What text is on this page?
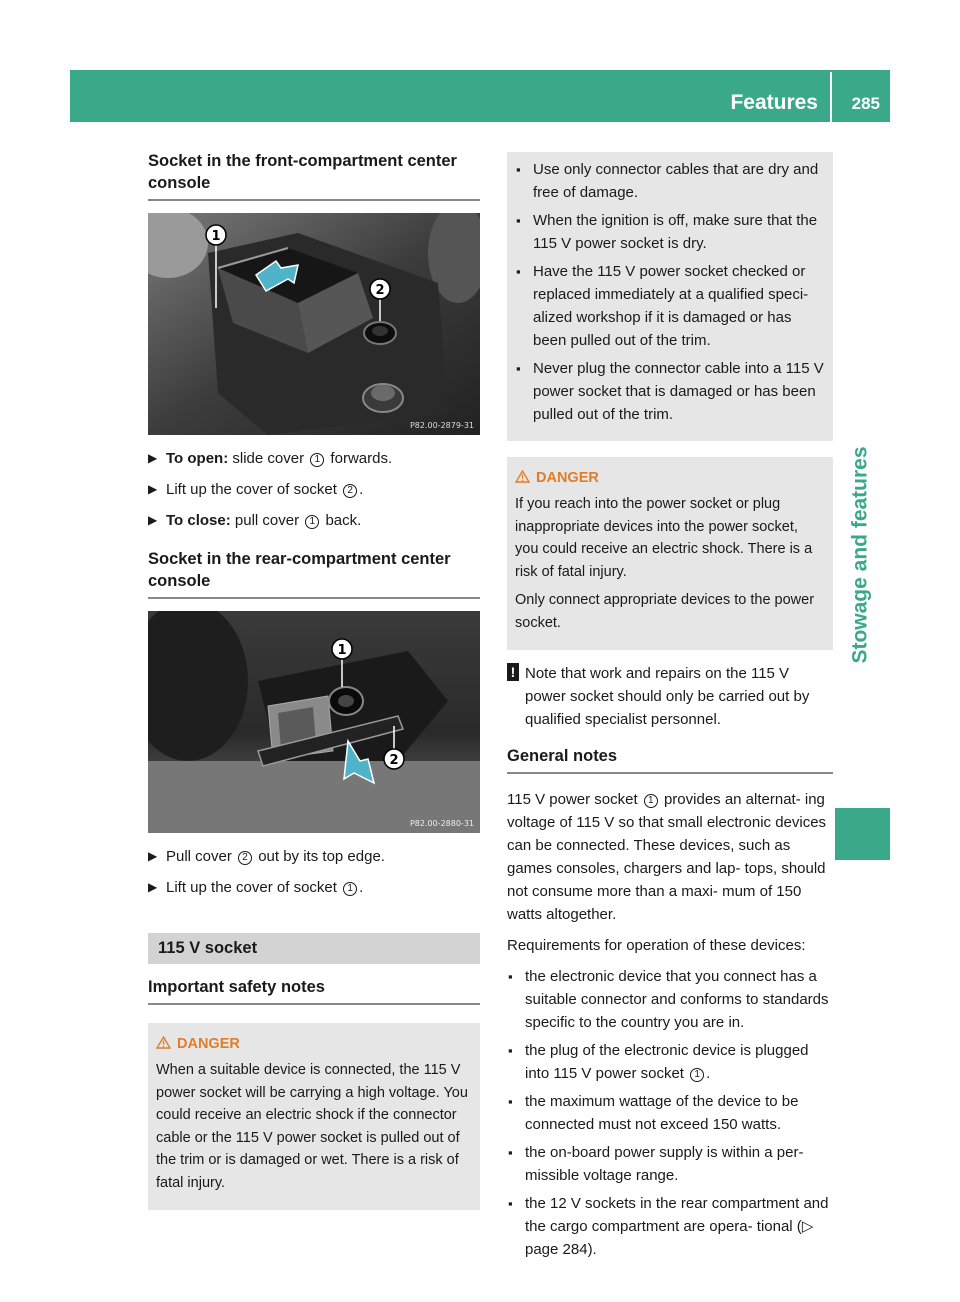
Features 285
Stowage and features
Socket in the front-compartment center console
1
2
P82.00-2879-31
▶ To open: slide cover 1 forwards.
▶ Lift up the cover of socket 2 .
▶ To close: pull cover 1 back.
Socket in the rear-compartment center console
1
2
P82.00-2880-31
▶ Pull cover 2 out by its top edge.
▶ Lift up the cover of socket 1 .
115 V socket
Important safety notes
DANGER

When a suitable device is connected, the 115 V power socket will be carrying a high voltage. You could receive an electric shock if the connector cable or the 115 V power socket is pulled out of the trim or is damaged or wet. There is a risk of fatal injury.

▪ Use only connector cables that are dry and free of damage.
▪ When the ignition is off, make sure that the 115 V power socket is dry.
▪ Have the 115 V power socket checked or replaced immediately at a qualified speci- alized workshop if it is damaged or has been pulled out of the trim.
▪ Never plug the connector cable into a 115 V power socket that is damaged or has been pulled out of the trim.
DANGER

If you reach into the power socket or plug inappropriate devices into the power socket, you could receive an electric shock. There is a risk of fatal injury.

Only connect appropriate devices to the power socket.

! Note that work and repairs on the 115 V power socket should only be carried out by qualified specialist personnel.
General notes

115 V power socket 1 provides an alternat- ing voltage of 115 V so that small electronic devices can be connected. These devices, such as games consoles, chargers and lap- tops, should not consume more than a maxi- mum of 150 watts altogether.

Requirements for operation of these devices:

▪ the electronic device that you connect has a suitable connector and conforms to standards specific to the country you are in.
▪ the plug of the electronic device is plugged into 115 V power socket 1 .
▪ the maximum wattage of the device to be connected must not exceed 150 watts.
▪ the on-board power supply is within a per- missible voltage range.
▪ the 12 V sockets in the rear compartment and the cargo compartment are opera- tional (▷ page 284).
